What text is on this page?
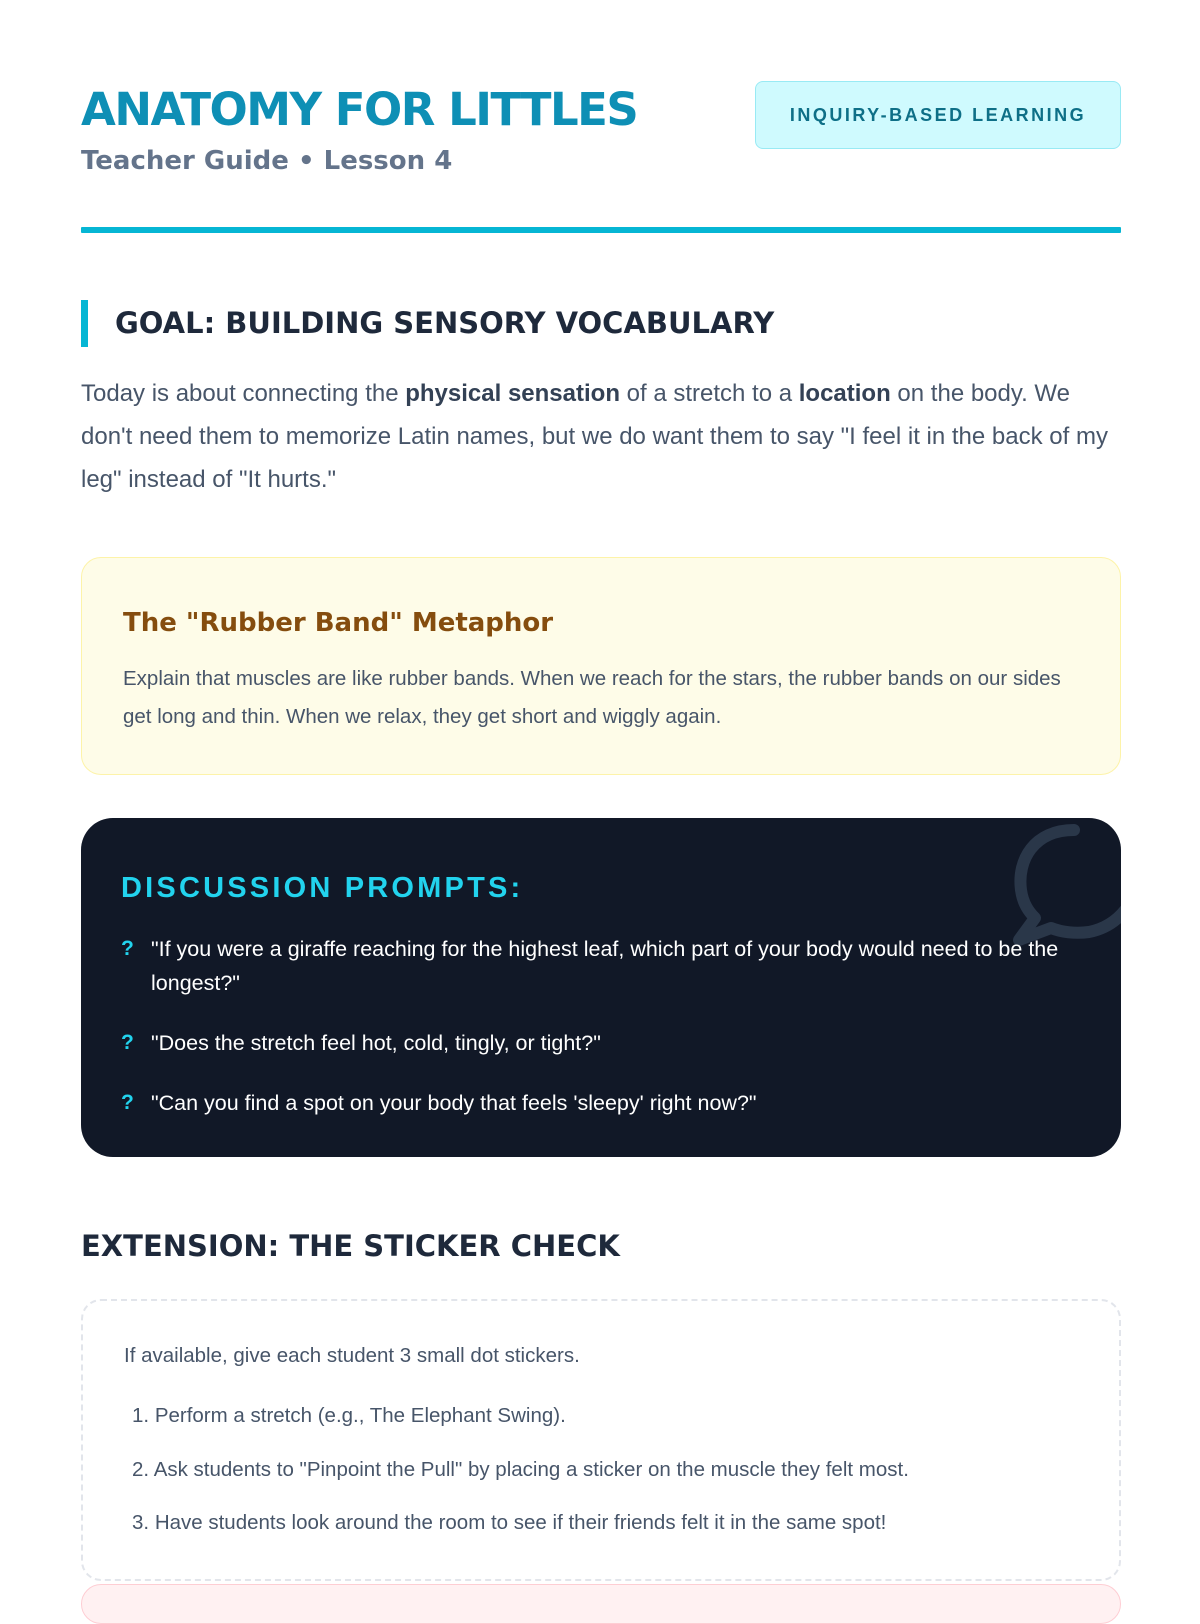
ANATOMY FOR LITTLES
Teacher Guide • Lesson 4
INQUIRY-BASED LEARNING
GOAL: BUILDING SENSORY VOCABULARY

Today is about connecting the physical sensation of a stretch to a location on the body. We don't need them to memorize Latin names, but we do want them to say "I feel it in the back of my leg" instead of "It hurts."

The "Rubber Band" Metaphor
Explain that muscles are like rubber bands. When we reach for the stars, the rubber bands on our sides get long and thin. When we relax, they get short and wiggly again.
DISCUSSION PROMPTS:
? "If you were a giraffe reaching for the highest leaf, which part of your body would need to be the longest?"
? "Does the stretch feel hot, cold, tingly, or tight?"
? "Can you find a spot on your body that feels 'sleepy' right now?"
EXTENSION: THE STICKER CHECK
If available, give each student 3 small dot stickers.
1. Perform a stretch (e.g., The Elephant Swing).
2. Ask students to "Pinpoint the Pull" by placing a sticker on the muscle they felt most.
3. Have students look around the room to see if their friends felt it in the same spot!
